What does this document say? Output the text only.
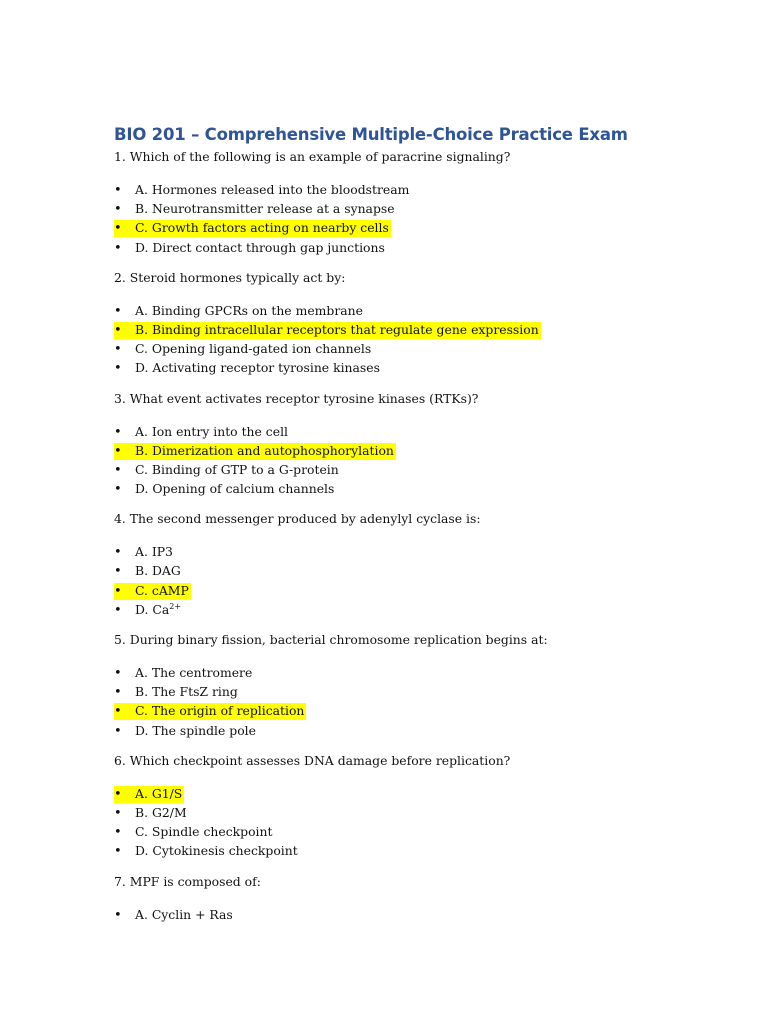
BIO 201 – Comprehensive Multiple-Choice Practice Exam
1. Which of the following is an example of paracrine signaling?
• A. Hormones released into the bloodstream
• B. Neurotransmitter release at a synapse
• C. Growth factors acting on nearby cells
• D. Direct contact through gap junctions
2. Steroid hormones typically act by:
• A. Binding GPCRs on the membrane
• B. Binding intracellular receptors that regulate gene expression
• C. Opening ligand-gated ion channels
• D. Activating receptor tyrosine kinases
3. What event activates receptor tyrosine kinases (RTKs)?
• A. Ion entry into the cell
• B. Dimerization and autophosphorylation
• C. Binding of GTP to a G-protein
• D. Opening of calcium channels
4. The second messenger produced by adenylyl cyclase is:
• A. IP3
• B. DAG
• C. cAMP
• D. $Ca^{2+}$
5. During binary fission, bacterial chromosome replication begins at:
• A. The centromere
• B. The FtsZ ring
• C. The origin of replication
• D. The spindle pole
6. Which checkpoint assesses DNA damage before replication?
• A. G1/S
• B. G2/M
• C. Spindle checkpoint
• D. Cytokinesis checkpoint
7. MPF is composed of:
• A. Cyclin + Ras
